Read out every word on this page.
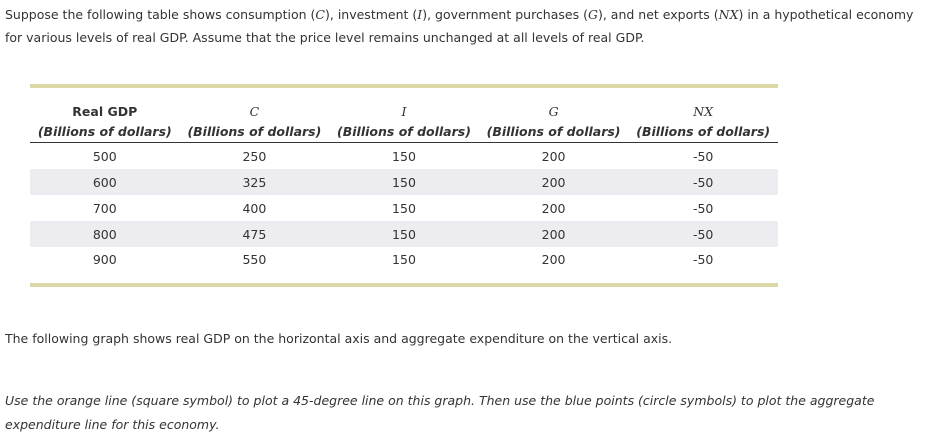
Suppose the following table shows consumption (C), investment (I), government purchases (G), and net exports (NX) in a hypothetical economy for various levels of real GDP. Assume that the price level remains unchanged at all levels of real GDP.

Real GDP	C	I	G	NX
(Billions of dollars)	(Billions of dollars)	(Billions of dollars)	(Billions of dollars)	(Billions of dollars)
500	250	150	200	-50
600	325	150	200	-50
700	400	150	200	-50
800	475	150	200	-50
900	550	150	200	-50

The following graph shows real GDP on the horizontal axis and aggregate expenditure on the vertical axis.

Use the orange line (square symbol) to plot a 45-degree line on this graph. Then use the blue points (circle symbols) to plot the aggregate expenditure line for this economy.
